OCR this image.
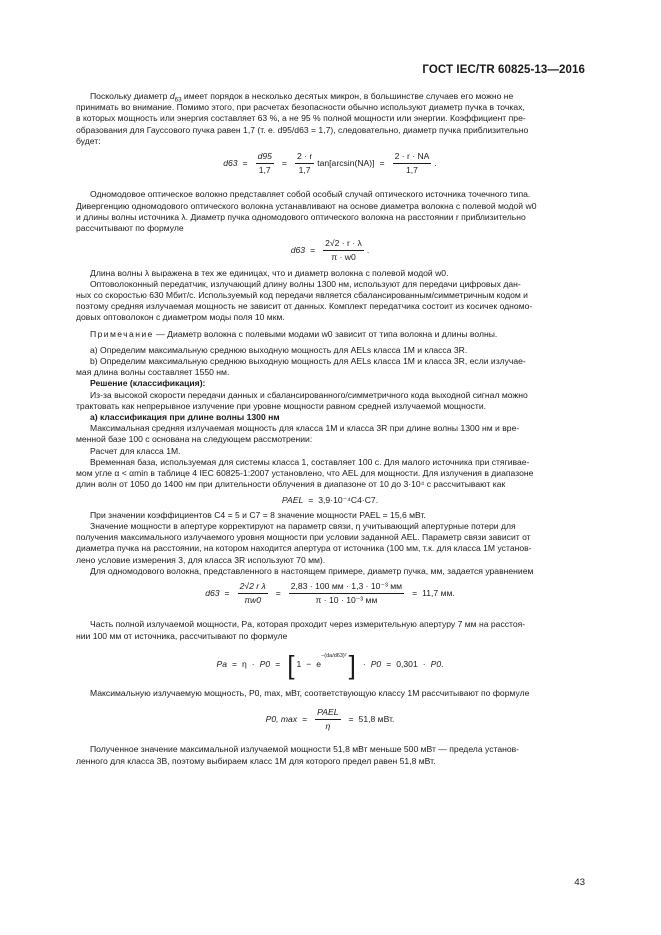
ГОСТ IEC/TR 60825-13—2016

Поскольку диаметр $d_{63}$ имеет порядок в несколько десятых микрон, в большинстве случаев его можно не

принимать во внимание. Помимо этого, при расчетах безопасности обычно используют диаметр пучка в точках,

в которых мощность или энергия составляет 63 %, а не 95 % полной мощности или энергии. Коэффициент пре-

образования для Гауссового пучка равен 1,7 (т. е. d95/d63 = 1,7), следовательно, диаметр пучка приблизительно

будет:

$d63 = \frac{d95}{1,7} = \frac{2 \cdot r}{1,7} \tan[\arcsin(NA)] = \frac{2 \cdot r \cdot NA}{1,7}$ .

Одномодовое оптическое волокно представляет собой особый случай оптического источника точечного типа.

Дивергенцию одномодового оптического волокна устанавливают на основе диаметра волокна с полевой модой w0

и длины волны источника λ. Диаметр пучка одномодового оптического волокна на расстоянии r приблизительно

рассчитывают по формуле

$d63 = \frac{2√2 \cdot r \cdot \lambda}{\pi \cdot w0}$ .

Длина волны λ выражена в тех же единицах, что и диаметр волокна с полевой модой w0.

Оптоволоконный передатчик, излучающий длину волны 1300 нм, используют для передачи цифровых дан-

ных со скоростью 630 Мбит/с. Используемый код передачи является сбалансированным/симметричным кодом и

поэтому средняя излучаемая мощность не зависит от данных. Комплект передатчика состоит из косичек одномо-

довых оптоволокон с диаметром моды поля 10 мкм.

Примечание — Диаметр волокна с полевыми модами w0 зависит от типа волокна и длины волны.

а) Определим максимальную среднюю выходную мощность для AELs класса 1М и класса 3R.

b) Определим максимальную среднюю выходную мощность для AELs класса 1М и класса 3R, если излучае-

мая длина волны составляет 1550 нм.

Решение (классификация):

Из-за высокой скорости передачи данных и сбалансированного/симметричного кода выходной сигнал можно

трактовать как непрерывное излучение при уровне мощности равном средней излучаемой мощности.

а) классификация при длине волны 1300 нм

Максимальная средняя излучаемая мощность для класса 1М и класса 3R при длине волны 1300 нм и вре-

менной базе 100 с основана на следующем рассмотрении:

Расчет для класса 1М.

Временная база, используемая для системы класса 1, составляет 100 с. Для малого источника при стягивае-

мом угле α < αmin в таблице 4 IEC 60825-1:2007 установлено, что AEL для мощности. Для излучения в диапазоне

длин волн от 1050 до 1400 нм при длительности облучения в диапазоне от 10 до 3·10⁴ с рассчитывают как

PAEL = 3,9·10⁻⁴C4·C7.

При значении коэффициентов C4 = 5 и C7 = 8 значение мощности PAEL = 15,6 мВт.

Значение мощности в апертуре корректируют на параметр связи, η учитывающий апертурные потери для

получения максимального излучаемого уровня мощности при условии заданной AEL. Параметр связи зависит от

диаметра пучка на расстоянии, на котором находится апертура от источника (100 мм, т.к. для класса 1М установ-

лено условие измерения 3, для класса 3R используют 70 мм).

Для одномодового волокна, представленного в настоящем примере, диаметр пучка, мм, задается уравнением

$d63 = \frac{\text{2√2 r λ}}{\pi w0} = \frac{\text{2,83 · 100 мм · 1,3 · 10⁻³ мм}}{\text{π · 10 · 10⁻³ мм}} = 11,7$ мм.

Часть полной излучаемой мощности, Pa, которая проходит через измерительную апертуру 7 мм на расстоя-

нии 100 мм от источника, рассчитывают по формуле

Pa = η · P0 = [ 1 − e
−(da/d63)² ] · P0 = 0,301 · P0 .

Максимальную излучаемую мощность, P0, max, мВт, соответствующую классу 1М рассчитывают по формуле

P0, $\max = \frac{\text{PAEL}}{\eta} = 51,8$ мВт.

Полученное значение максимальной излучаемой мощности 51,8 мВт меньше 500 мВт — предела установ-

ленного для класса 3В, поэтому выбираем класс 1М для которого предел равен 51,8 мВт.

43
